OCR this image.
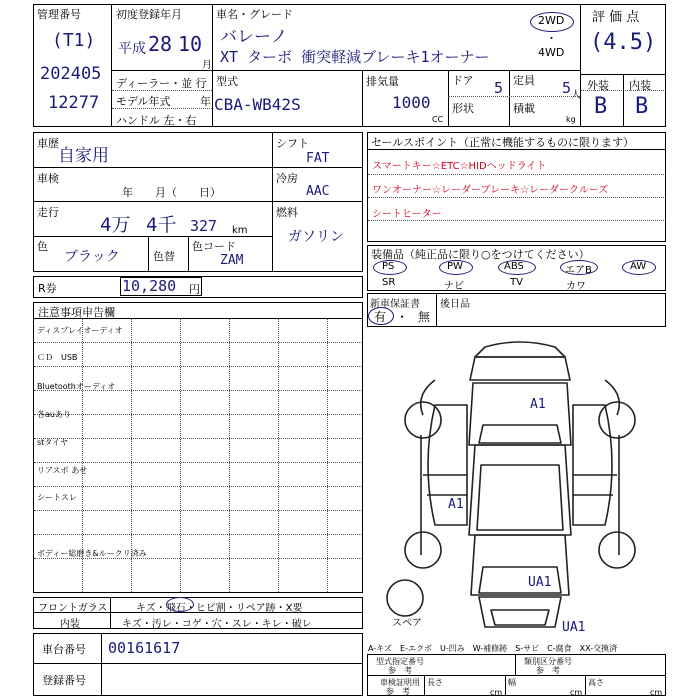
管理番号
(T1)
202405
12277
初度登録年月
平成 28 10
月
ディーラー・並 行
モデル年式	年
ハンドル 左・右
車名・グレード
バレーノ
XT ターボ 衝突軽減ブレーキ1オーナー
2WD
・
4WD
評 価 点
(4.5)
外装 内装
B B
型式
CBA-WB42S
排気量
1000
CC
ドア 5 定員 5 人
形状	積載
kg
車歴
自家用
車検
年　　月（　　日）
走行
4万 4千 327 km
色
ブラック	色替
色コード
ZAM
シフト
FAT
冷房
AAC
燃料
ガソリン
セールスポイント（正常に機能するものに限ります）
スマートキー☆ETC☆HIDヘッドライト
ワンオーナー☆レーダーブレーキ☆レーダークルーズ
シートヒーター
装備品（純正品に限り○をつけてください）
PS	PW	ABS	エアB	AW
SR	ナビ	TV	カワ
新車保証書
有 ・ 無
後日品
R券	10,280 円
注意事項申告欄
ディスプレイオーディオ
ＣＤ　USB
Bluetoothオーディオ
各auあり
stタイヤ
リアスポ あせ
シートスレ
ボディー総磨き&ルークリ済み
A1
A1
UA1
UA1
スペア
フロントガラス	キズ・飛石・ヒビ割・リペア跡・X要
内装	キズ・汚レ・コゲ・穴・スレ・キレ・破レ
車台番号 00161617
登録番号
A-キズ　E-エクボ　U-凹み　W-補修跡　S-サビ　C-腐食　XX-交換済
型式指定番号
参　考
類別区分番号
参　考
車検証明用
参　考
長さ
cm
幅
cm
高さ
cm
